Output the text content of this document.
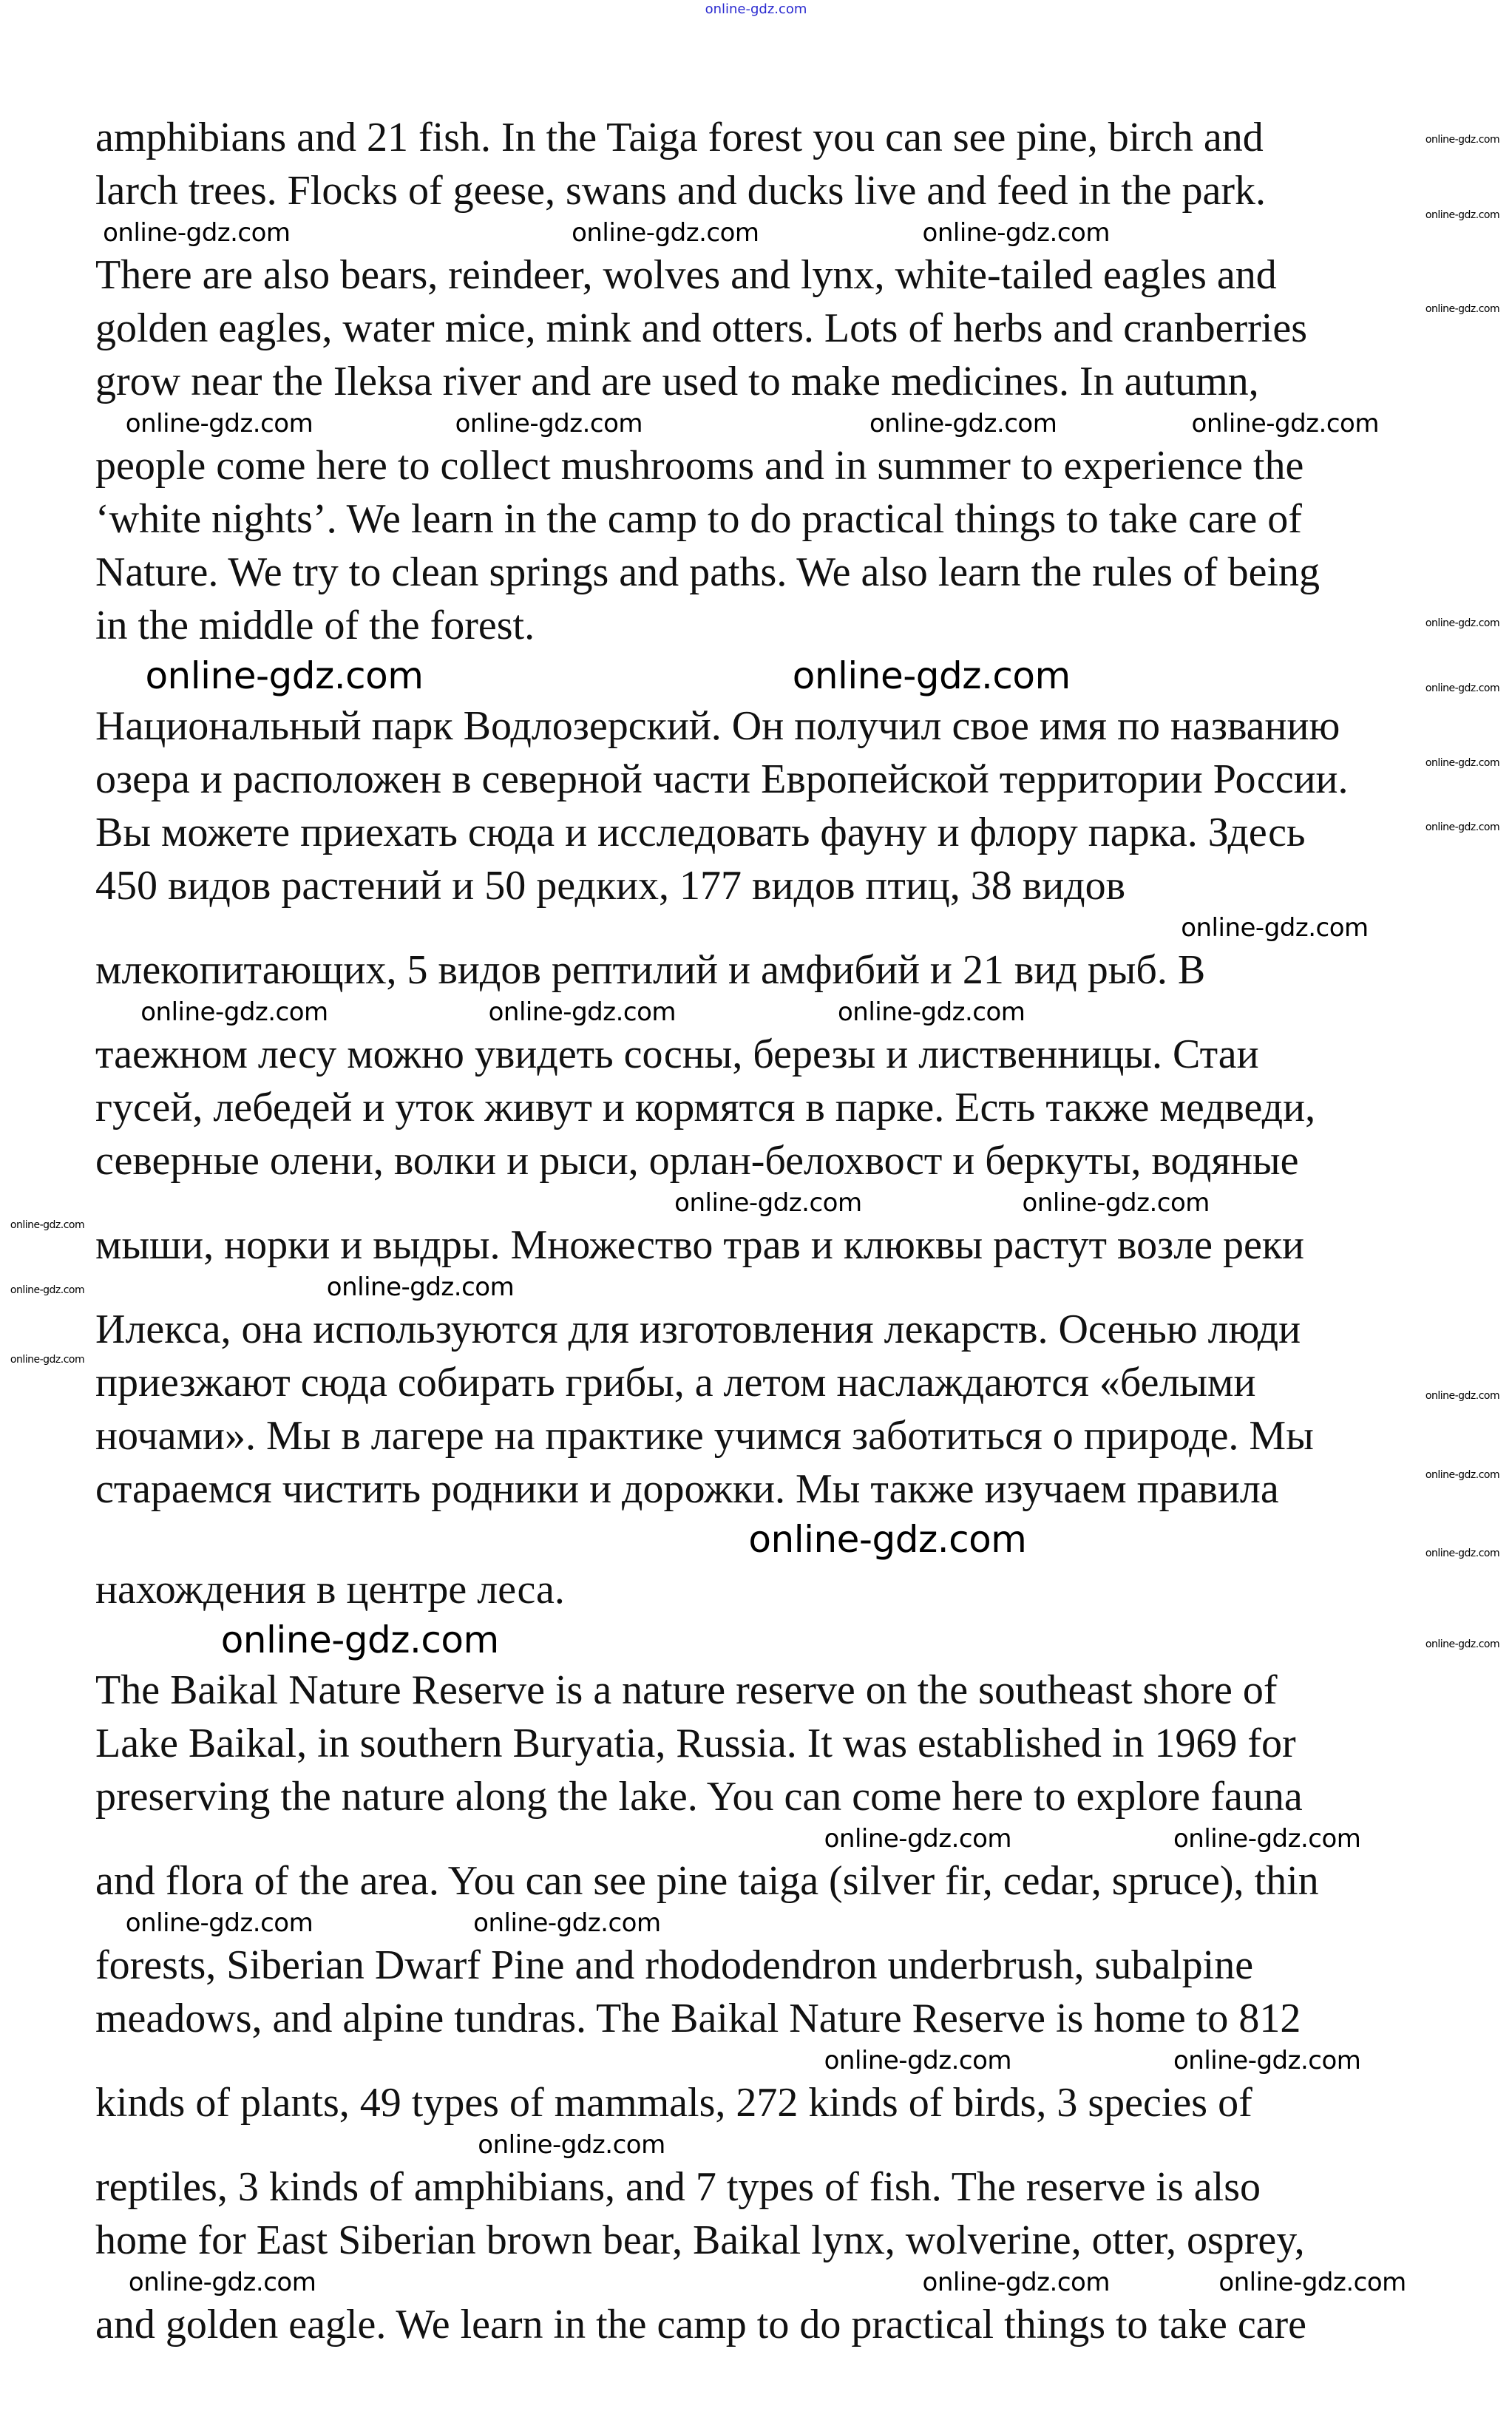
online-gdz.com
amphibians and 21 fish. In the Taiga forest you can see pine, birch and
larch trees. Flocks of geese, swans and ducks live and feed in the park.
online-gdz.com	online-gdz.com	online-gdz.com
There are also bears, reindeer, wolves and lynx, white-tailed eagles and
golden eagles, water mice, mink and otters. Lots of herbs and cranberries
grow near the Ileksa river and are used to make medicines. In autumn,
online-gdz.com	online-gdz.com	online-gdz.com	online-gdz.com
people come here to collect mushrooms and in summer to experience the
‘white nights’. We learn in the camp to do practical things to take care of
Nature. We try to clean springs and paths. We also learn the rules of being
in the middle of the forest.
online-gdz.com	online-gdz.com
Национальный парк Водлозерский. Он получил свое имя по названию
озера и расположен в северной части Европейской территории России.
Вы можете приехать сюда и исследовать фауну и флору парка. Здесь
450 видов растений и 50 редких, 177 видов птиц, 38 видов
online-gdz.com
млекопитающих, 5 видов рептилий и амфибий и 21 вид рыб. В
online-gdz.com	online-gdz.com	online-gdz.com
таежном лесу можно увидеть сосны, березы и лиственницы. Стаи
гусей, лебедей и уток живут и кормятся в парке. Есть также медведи,
северные олени, волки и рыси, орлан-белохвост и беркуты, водяные
online-gdz.com	online-gdz.com
мыши, норки и выдры. Множество трав и клюквы растут возле реки
online-gdz.com
Илекса, она используются для изготовления лекарств. Осенью люди
приезжают сюда собирать грибы, а летом наслаждаются «белыми
ночами». Мы в лагере на практике учимся заботиться о природе. Мы
стараемся чистить родники и дорожки. Мы также изучаем правила
online-gdz.com
нахождения в центре леса.
online-gdz.com
The Baikal Nature Reserve is a nature reserve on the southeast shore of
Lake Baikal, in southern Buryatia, Russia. It was established in 1969 for
preserving the nature along the lake. You can come here to explore fauna
online-gdz.com	online-gdz.com
and flora of the area. You can see pine taiga (silver fir, cedar, spruce), thin
online-gdz.com	online-gdz.com
forests, Siberian Dwarf Pine and rhododendron underbrush, subalpine
meadows, and alpine tundras. The Baikal Nature Reserve is home to 812
online-gdz.com	online-gdz.com
kinds of plants, 49 types of mammals, 272 kinds of birds, 3 species of
online-gdz.com
reptiles, 3 kinds of amphibians, and 7 types of fish. The reserve is also
home for East Siberian brown bear, Baikal lynx, wolverine, otter, osprey,
online-gdz.com	online-gdz.com	online-gdz.com
and golden eagle. We learn in the camp to do practical things to take care
online-gdz.com
online-gdz.com
online-gdz.com
online-gdz.com
online-gdz.com
online-gdz.com
online-gdz.com
online-gdz.com
online-gdz.com
online-gdz.com
online-gdz.com
online-gdz.com
online-gdz.com
online-gdz.com
